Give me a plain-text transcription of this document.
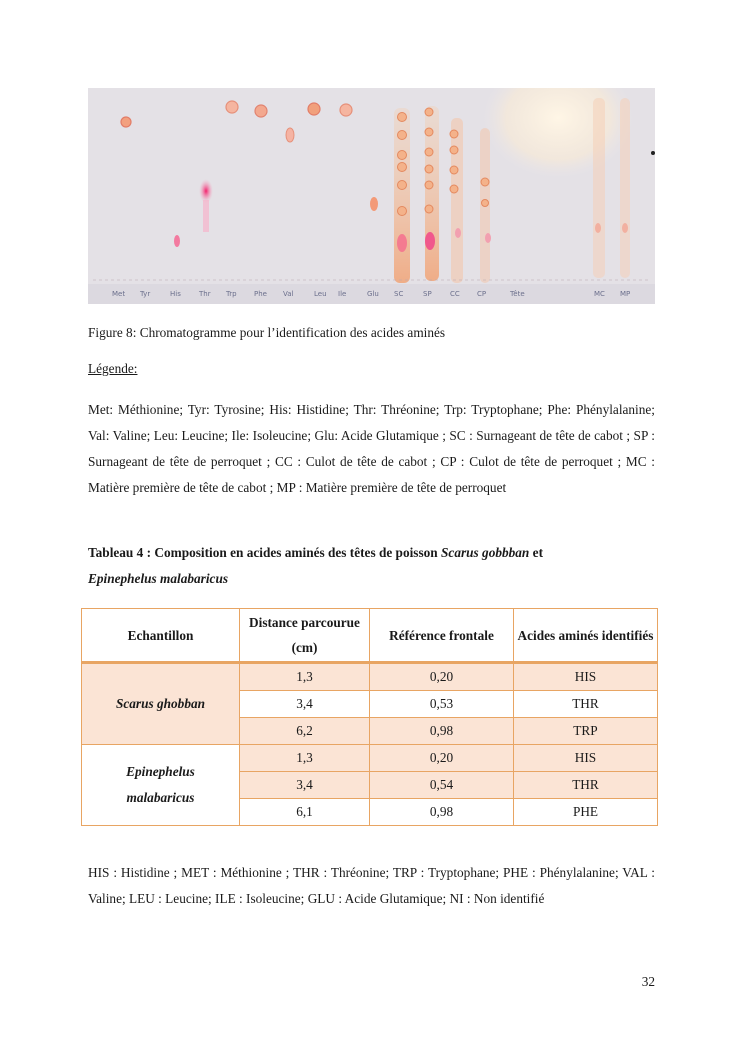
Met Tyr	His	Thr Trp Phe Val	Leu Ile	Glu SC	SP	CC CP	Tête	MC MP
Figure 8: Chromatogramme pour l’identification des acides aminés
Légende:
Met: Méthionine; Tyr: Tyrosine; His: Histidine; Thr: Thréonine; Trp: Tryptophane; Phe: Phénylalanine; Val: Valine; Leu: Leucine; Ile: Isoleucine; Glu: Acide Glutamique ; SC : Surnageant de tête de cabot ; SP : Surnageant de tête de perroquet ; CC : Culot de tête de cabot ; CP : Culot de tête de perroquet ; MC : Matière première de tête de cabot ; MP : Matière première de tête de perroquet
Tableau 4 : Composition en acides aminés des têtes de poisson Scarus gobbban et
Epinephelus malabaricus
Echantillon	Distance parcourue (cm)	Référence frontale	Acides aminés identifiés
Scarus ghobban	1,3	0,20	HIS
	3,4	0,53	THR
	6,2	0,98	TRP
Epinephelus malabaricus	1,3	0,20	HIS
	3,4	0,54	THR
	6,1	0,98	PHE
HIS : Histidine ; MET : Méthionine ; THR : Thréonine; TRP : Tryptophane; PHE : Phénylalanine; VAL : Valine; LEU : Leucine; ILE : Isoleucine; GLU : Acide Glutamique; NI : Non identifié
32
